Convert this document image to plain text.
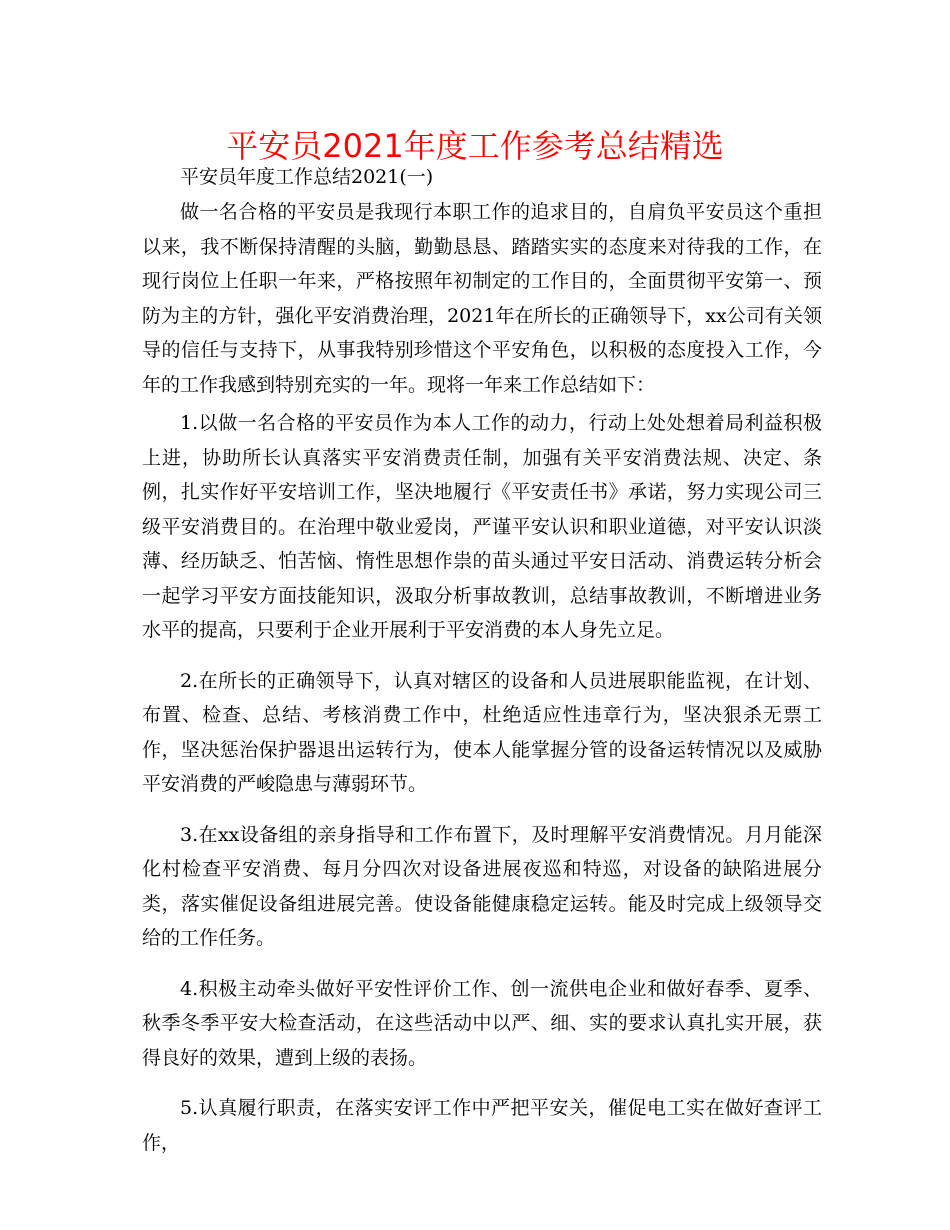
平安员2021年度工作参考总结精选

平安员年度工作总结2021(一)

做一名合格的平安员是我现行本职工作的追求目的，自肩负平安员这个重担以来，我不断保持清醒的头脑，勤勤恳恳、踏踏实实的态度来对待我的工作，在现行岗位上任职一年来，严格按照年初制定的工作目的，全面贯彻平安第一、预防为主的方针，强化平安消费治理，2021年在所长的正确领导下，xx公司有关领导的信任与支持下，从事我特别珍惜这个平安角色，以积极的态度投入工作，今年的工作我感到特别充实的一年。现将一年来工作总结如下：

1.以做一名合格的平安员作为本人工作的动力，行动上处处想着局利益积极上进，协助所长认真落实平安消费责任制，加强有关平安消费法规、决定、条例，扎实作好平安培训工作，坚决地履行《平安责任书》承诺，努力实现公司三级平安消费目的。在治理中敬业爱岗，严谨平安认识和职业道德，对平安认识淡薄、经历缺乏、怕苦恼、惰性思想作祟的苗头通过平安日活动、消费运转分析会一起学习平安方面技能知识，汲取分析事故教训，总结事故教训，不断增进业务水平的提高，只要利于企业开展利于平安消费的本人身先立足。

2.在所长的正确领导下，认真对辖区的设备和人员进展职能监视，在计划、布置、检查、总结、考核消费工作中，杜绝适应性违章行为，坚决狠杀无票工作，坚决惩治保护器退出运转行为，使本人能掌握分管的设备运转情况以及威胁平安消费的严峻隐患与薄弱环节。

3.在xx设备组的亲身指导和工作布置下，及时理解平安消费情况。月月能深化村检查平安消费、每月分四次对设备进展夜巡和特巡，对设备的缺陷进展分类，落实催促设备组进展完善。使设备能健康稳定运转。能及时完成上级领导交给的工作任务。

4.积极主动牵头做好平安性评价工作、创一流供电企业和做好春季、夏季、秋季冬季平安大检查活动，在这些活动中以严、细、实的要求认真扎实开展，获得良好的效果，遭到上级的表扬。

5.认真履行职责，在落实安评工作中严把平安关，催促电工实在做好查评工作，
